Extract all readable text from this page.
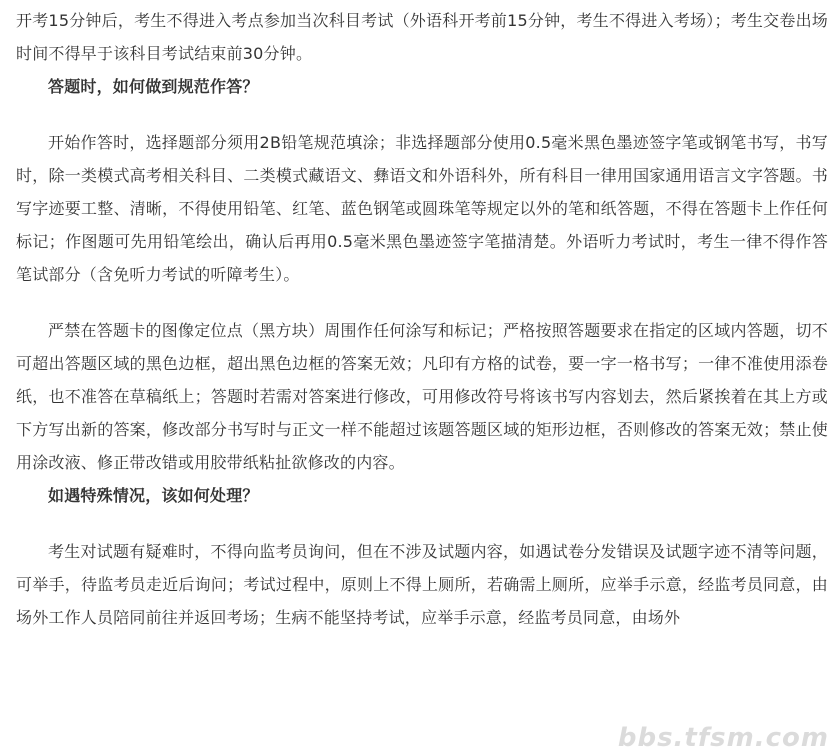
开考15分钟后，考生不得进入考点参加当次科目考试（外语科开考前15分钟，考生不得进入考场）；考生交卷出场时间不得早于该科目考试结束前30分钟。

答题时，如何做到规范作答？

开始作答时，选择题部分须用2B铅笔规范填涂；非选择题部分使用0.5毫米黑色墨迹签字笔或钢笔书写，书写时，除一类模式高考相关科目、二类模式藏语文、彝语文和外语科外，所有科目一律用国家通用语言文字答题。书写字迹要工整、清晰，不得使用铅笔、红笔、蓝色钢笔或圆珠笔等规定以外的笔和纸答题，不得在答题卡上作任何标记；作图题可先用铅笔绘出，确认后再用0.5毫米黑色墨迹签字笔描清楚。外语听力考试时，考生一律不得作答笔试部分（含免听力考试的听障考生）。

严禁在答题卡的图像定位点（黑方块）周围作任何涂写和标记；严格按照答题要求在指定的区域内答题，切不可超出答题区域的黑色边框，超出黑色边框的答案无效；凡印有方格的试卷，要一字一格书写；一律不准使用添卷纸，也不准答在草稿纸上；答题时若需对答案进行修改，可用修改符号将该书写内容划去，然后紧挨着在其上方或下方写出新的答案，修改部分书写时与正文一样不能超过该题答题区域的矩形边框，否则修改的答案无效；禁止使用涂改液、修正带改错或用胶带纸粘扯欲修改的内容。

如遇特殊情况，该如何处理？

考生对试题有疑难时，不得向监考员询问，但在不涉及试题内容，如遇试卷分发错误及试题字迹不清等问题，可举手，待监考员走近后询问；考试过程中，原则上不得上厕所，若确需上厕所，应举手示意，经监考员同意，由场外工作人员陪同前往并返回考场；生病不能坚持考试，应举手示意，经监考员同意，由场外

bbs.tfsm.com
